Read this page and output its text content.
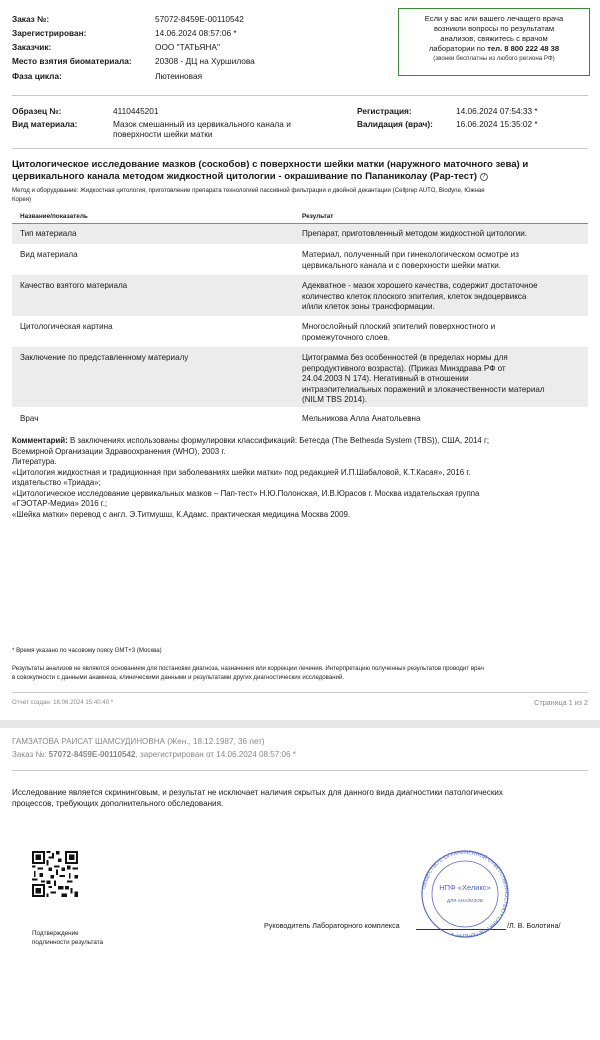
Заказ №:	57072-8459E-00110542
Зарегистрирован:	14.06.2024 08:57:06 *
Заказчик:	ООО "ТАТЬЯНА"
Место взятия биоматериала:	20308 - ДЦ на Хуршилова
Фаза цикла:	Лютеиновая
Если у вас или вашего лечащего врача
возникли вопросы по результатам
анализов, свяжитесь с врачом
лаборатории по тел. 8 800 222 48 38
(звонки бесплатны из любого региона РФ)
Образец №:	4110445201
Вид материала:	Мазок смешанный из цервикального канала и
поверхности шейки матки
Регистрация:	14.06.2024 07:54:33 *
Валидация (врач):	16.06.2024 15:35:02 *
Цитологическое исследование мазков (соскобов) с поверхности шейки матки (наружного маточного зева) и
цервикального канала методом жидкостной цитологии - окрашивание по Папаниколау (Pap-тест) ?
Метод и оборудование: Жидкостная цитология, приготовление препарата технологией пассивной фильтрации и двойной декантации (Cellprep AUTO, Biodyne, Южная
Корея)
Название/показатель	Результат
Тип материала	Препарат, приготовленный методом жидкостной цитологии.
Вид материала	Материал, полученный при гинекологическом осмотре из
цервикального канала и с поверхности шейки матки.
Качество взятого материала	Адекватное - мазок хорошего качества, содержит достаточное
количество клеток плоского эпителия, клеток эндоцервикса
и/или клеток зоны трансформации.
Цитологическая картина	Многослойный плоский эпителий поверхностного и
промежуточного слоев.
Заключение по представленному материалу	Цитограмма без особенностей (в пределах нормы для
репродуктивного возраста). (Приказ Минздрава РФ от
24.04.2003 N 174). Негативный в отношении
интраэпителиальных поражений и злокачественности материал
(NILM TBS 2014).
Врач	Мельникова Алла Анатольевна
Комментарий: В заключениях использованы формулировки классификаций: Бетесда (The Bethesda System (TBS)), США, 2014 г;
Всемирной Организации Здравоохранения (WHO), 2003 г.
Литература.
«Цитология жидкостная и традиционная при заболеваниях шейки матки» под редакцией И.П.Шабаловой, К.Т.Касая», 2016 г.
издательство «Триада»;
«Цитологическое исследование цервикальных мазков – Пап-тест» Н.Ю.Полонская, И.В.Юрасов г. Москва издательская группа
«ГЭОТАР-Медиа» 2016 г.;
«Шейка матки» перевод с англ. Э.Титмушш, К.Адамс. практическая медицина Москва 2009.
* Время указано по часовому поясу GMT+3 (Москва)
Результаты анализов не являются основанием для постановки диагноза, назначения или коррекции лечения. Интерпретацию полученных результатов проводит врач
в совокупности с данными анамнеза, клиническими данными и результатами других диагностических исследований.
Отчет создан: 16.06.2024 15:40:40 *	Страница 1 из 2
ГАМЗАТОВА РАИСАТ ШАМСУДИНОВНА (Жен., 18.12.1987, 36 лет)
Заказ №: 57072-8459E-00110542, зарегистрирован от 14.06.2024 08:57:06 *
Исследование является скрининговым, и результат не исключает наличия скрытых для данного вида диагностики патологических
процессов, требующих дополнительного обследования.
Подтверждение
подлинности результата
Руководитель Лабораторного комплекса	/Л. В. Болотина/
ОБЩЕСТВО С ОГРАНИЧЕННОЙ ОТВЕТСТВЕННОСТЬЮ • САНКТ-ПЕТЕРБУРГ •
НПФ «Хеликс»
ДЛЯ АНАЛИЗОВ
